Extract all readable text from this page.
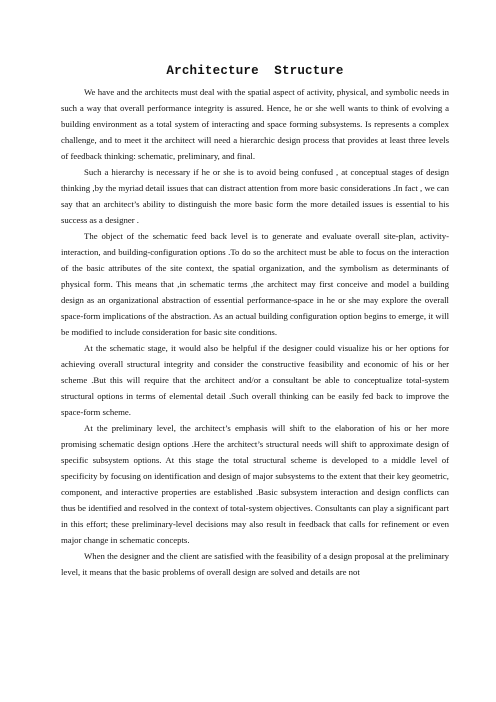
Architecture  Structure

We have and the architects must deal with the spatial aspect of activity, physical, and symbolic needs in such a way that overall performance integrity is assured. Hence, he or she well wants to think of evolving a building environment as a total system of interacting and space forming subsystems. Is represents a complex challenge, and to meet it the architect will need a hierarchic design process that provides at least three levels of feedback thinking: schematic, preliminary, and final.

Such a hierarchy is necessary if he or she is to avoid being confused , at conceptual stages of design thinking ,by the myriad detail issues that can distract attention from more basic considerations .In fact , we can say that an architect’s ability to distinguish the more basic form the more detailed issues is essential to his success as a designer .

The object of the schematic feed back level is to generate and evaluate overall site-plan, activity-interaction, and building-configuration options .To do so the architect must be able to focus on the interaction of the basic attributes of the site context, the spatial organization, and the symbolism as determinants of physical form. This means that ,in schematic terms ,the architect may first conceive and model a building design as an organizational abstraction of essential performance-space in he or she may explore the overall space-form implications of the abstraction. As an actual building configuration option begins to emerge, it will be modified to include consideration for basic site conditions.

At the schematic stage, it would also be helpful if the designer could visualize his or her options for achieving overall structural integrity and consider the constructive feasibility and economic of his or her scheme .But this will require that the architect and/or a consultant be able to conceptualize total-system structural options in terms of elemental detail .Such overall thinking can be easily fed back to improve the space-form scheme.

At the preliminary level, the architect’s emphasis will shift to the elaboration of his or her more promising schematic design options .Here the architect’s structural needs will shift to approximate design of specific subsystem options. At this stage the total structural scheme is developed to a middle level of specificity by focusing on identification and design of major subsystems to the extent that their key geometric, component, and interactive properties are established .Basic subsystem interaction and design conflicts can thus be identified and resolved in the context of total-system objectives. Consultants can play a significant part in this effort; these preliminary-level decisions may also result in feedback that calls for refinement or even major change in schematic concepts.

When the designer and the client are satisfied with the feasibility of a design proposal at the preliminary level, it means that the basic problems of overall design are solved and details are not
